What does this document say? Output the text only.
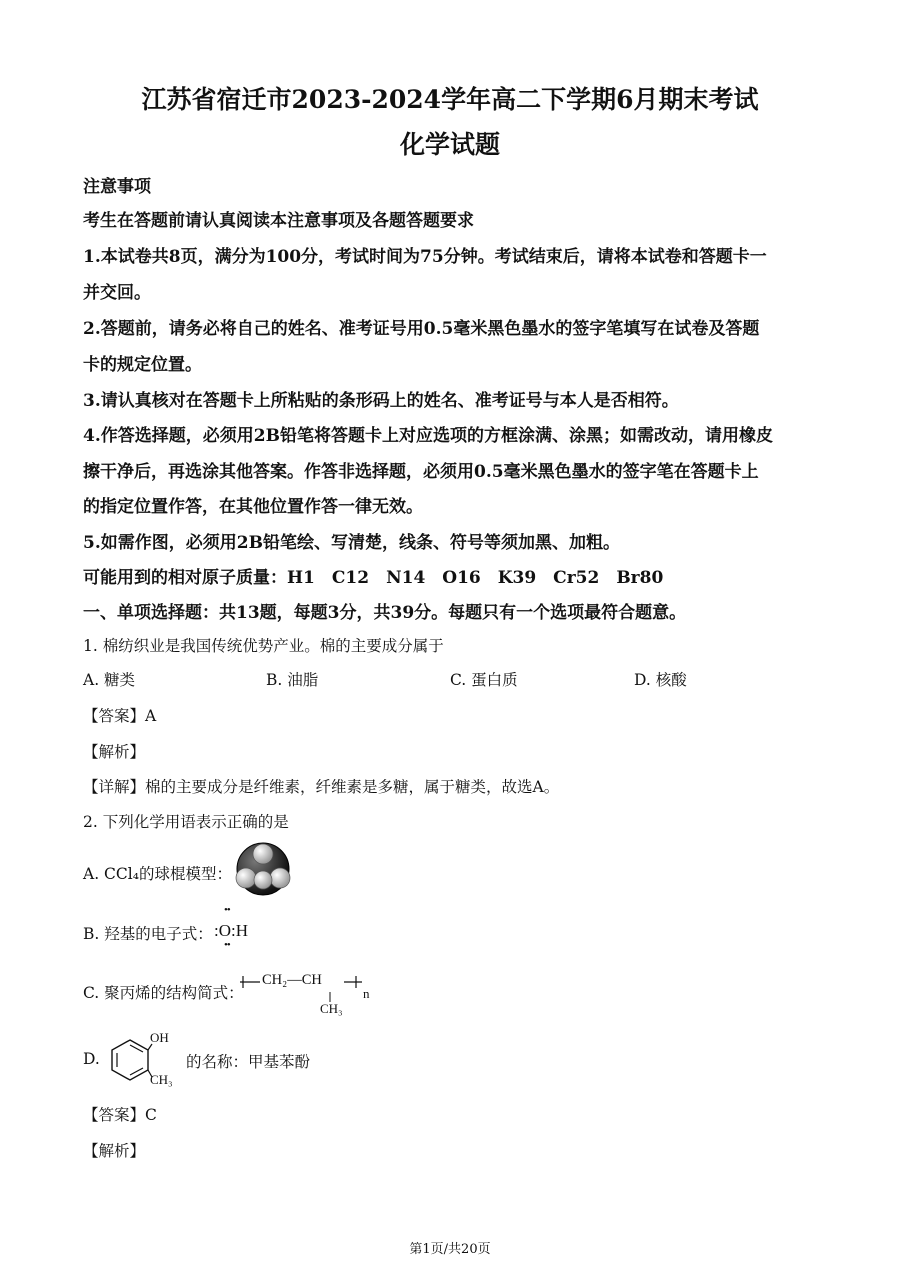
江苏省宿迁市2023-2024学年高二下学期6月期末考试
化学试题
注意事项
考生在答题前请认真阅读本注意事项及各题答题要求
1.本试卷共8页，满分为100分，考试时间为75分钟。考试结束后，请将本试卷和答题卡一
并交回。
2.答题前，请务必将自己的姓名、准考证号用0.5毫米黑色墨水的签字笔填写在试卷及答题
卡的规定位置。
3.请认真核对在答题卡上所粘贴的条形码上的姓名、准考证号与本人是否相符。
4.作答选择题，必须用2B铅笔将答题卡上对应选项的方框涂满、涂黑；如需改动，请用橡皮
擦干净后，再选涂其他答案。作答非选择题，必须用0.5毫米黑色墨水的签字笔在答题卡上
的指定位置作答，在其他位置作答一律无效。
5.如需作图，必须用2B铅笔绘、写清楚，线条、符号等须加黑、加粗。
可能用到的相对原子质量：H1　C12　N14　O16　K39　Cr52　Br80
一、单项选择题：共13题，每题3分，共39分。每题只有一个选项最符合题意。
1. 棉纺织业是我国传统优势产业。棉的主要成分属于
A. 糖类	B. 油脂	C. 蛋白质	D. 核酸
【答案】A
【解析】
【详解】棉的主要成分是纤维素，纤维素是多糖，属于糖类，故选A。
2. 下列化学用语表示正确的是
A. CCl₄的球棍模型：
B. 羟基的电子式：
••
:O:H
••
C. 聚丙烯的结构简式：
CH₂—CH
CH₃
n
D.
OH
CH₃
的名称：甲基苯酚
【答案】C
【解析】
第1页/共20页
